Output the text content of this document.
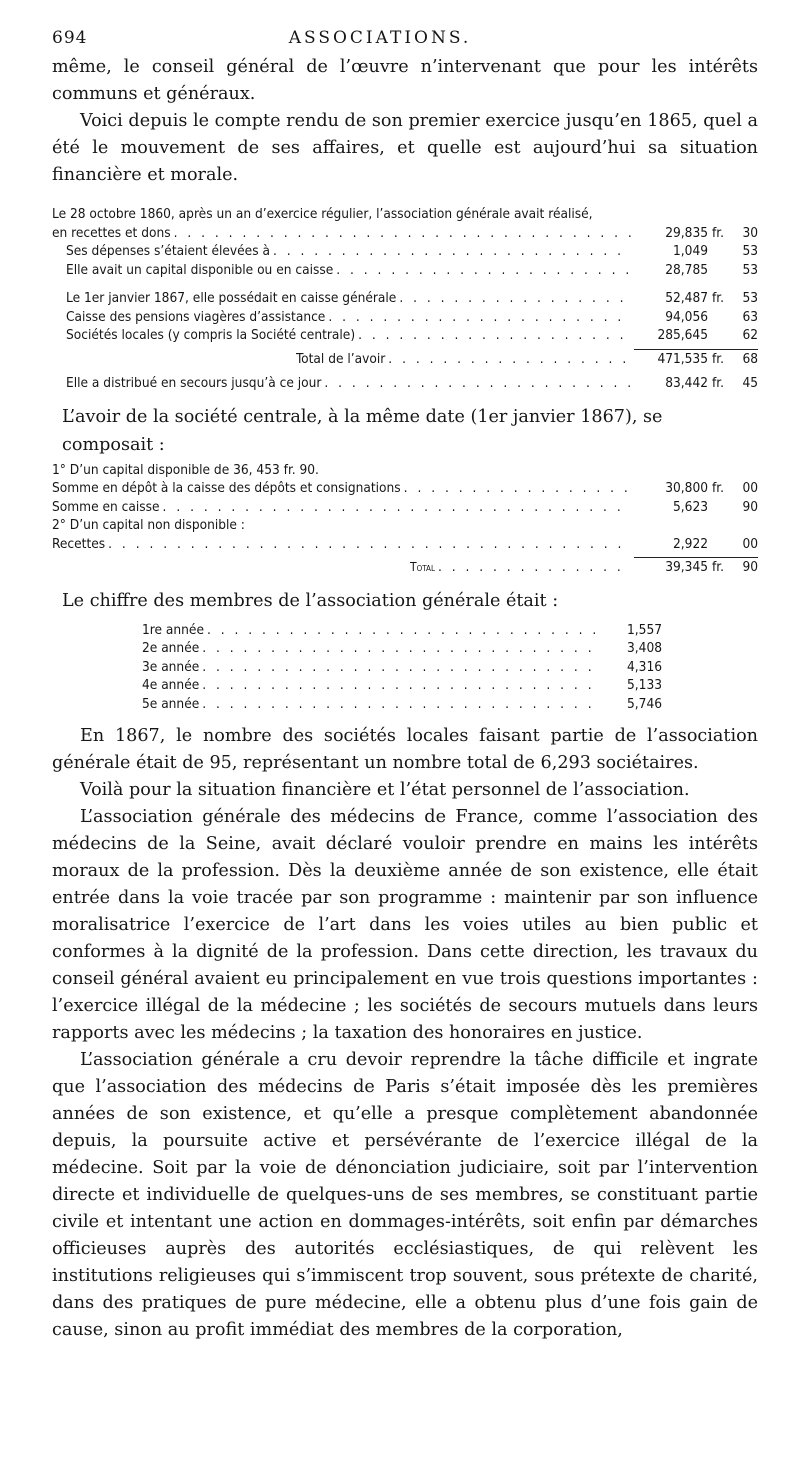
694	ASSOCIATIONS.

même, le conseil général de l’œuvre n’intervenant que pour les intérêts communs et généraux.

Voici depuis le compte rendu de son premier exercice jusqu’en 1865, quel a été le mouvement de ses affaires, et quelle est aujourd’hui sa situation financière et morale.

Le 28 octobre 1860, après un an d’exercice régulier, l’association générale avait réalisé,
en recettes et dons . . .	29,835 fr.	30
Ses dépenses s’étaient élevées à . . .	1,049	53
Elle avait un capital disponible ou en caisse . . .	28,785	53
Le 1er janvier 1867, elle possédait en caisse générale . . .	52,487 fr.	53
Caisse des pensions viagères d’assistance . . .	94,056	63
Sociétés locales (y compris la Société centrale) . . .	285,645	62
Total de l’avoir . . .	471,535 fr.	68
Elle a distribué en secours jusqu’à ce jour . . .	83,442 fr.	45
L’avoir de la société centrale, à la même date (1er janvier 1867), se composait :
1° D’un capital disponible de 36, 453 fr. 90.
Somme en dépôt à la caisse des dépôts et consignations . . .	30,800 fr.	00
Somme en caisse . . .	5,623	90
2° D’un capital non disponible :
Recettes . . .	2,922	00
Total . . .	39,345 fr.	90
Le chiffre des membres de l’association générale était :
1re année . . .	1,557
2e année . . .	3,408
3e année . . .	4,316
4e année . . .	5,133
5e année . . .	5,746

En 1867, le nombre des sociétés locales faisant partie de l’association générale était de 95, représentant un nombre total de 6,293 sociétaires.

Voilà pour la situation financière et l’état personnel de l’association.

L’association générale des médecins de France, comme l’association des médecins de la Seine, avait déclaré vouloir prendre en mains les intérêts moraux de la profession. Dès la deuxième année de son existence, elle était entrée dans la voie tracée par son programme : maintenir par son influence moralisatrice l’exercice de l’art dans les voies utiles au bien public et conformes à la dignité de la profession. Dans cette direction, les travaux du conseil général avaient eu principalement en vue trois questions importantes : l’exercice illégal de la médecine ; les sociétés de secours mutuels dans leurs rapports avec les médecins ; la taxation des honoraires en justice.

L’association générale a cru devoir reprendre la tâche difficile et ingrate que l’association des médecins de Paris s’était imposée dès les premières années de son existence, et qu’elle a presque complètement abandonnée depuis, la poursuite active et persévérante de l’exercice illégal de la médecine. Soit par la voie de dénonciation judiciaire, soit par l’intervention directe et individuelle de quelques-uns de ses membres, se constituant partie civile et intentant une action en dommages-intérêts, soit enfin par démarches officieuses auprès des autorités ecclésiastiques, de qui relèvent les institutions religieuses qui s’immiscent trop souvent, sous prétexte de charité, dans des pratiques de pure médecine, elle a obtenu plus d’une fois gain de cause, sinon au profit immédiat des membres de la corporation,
